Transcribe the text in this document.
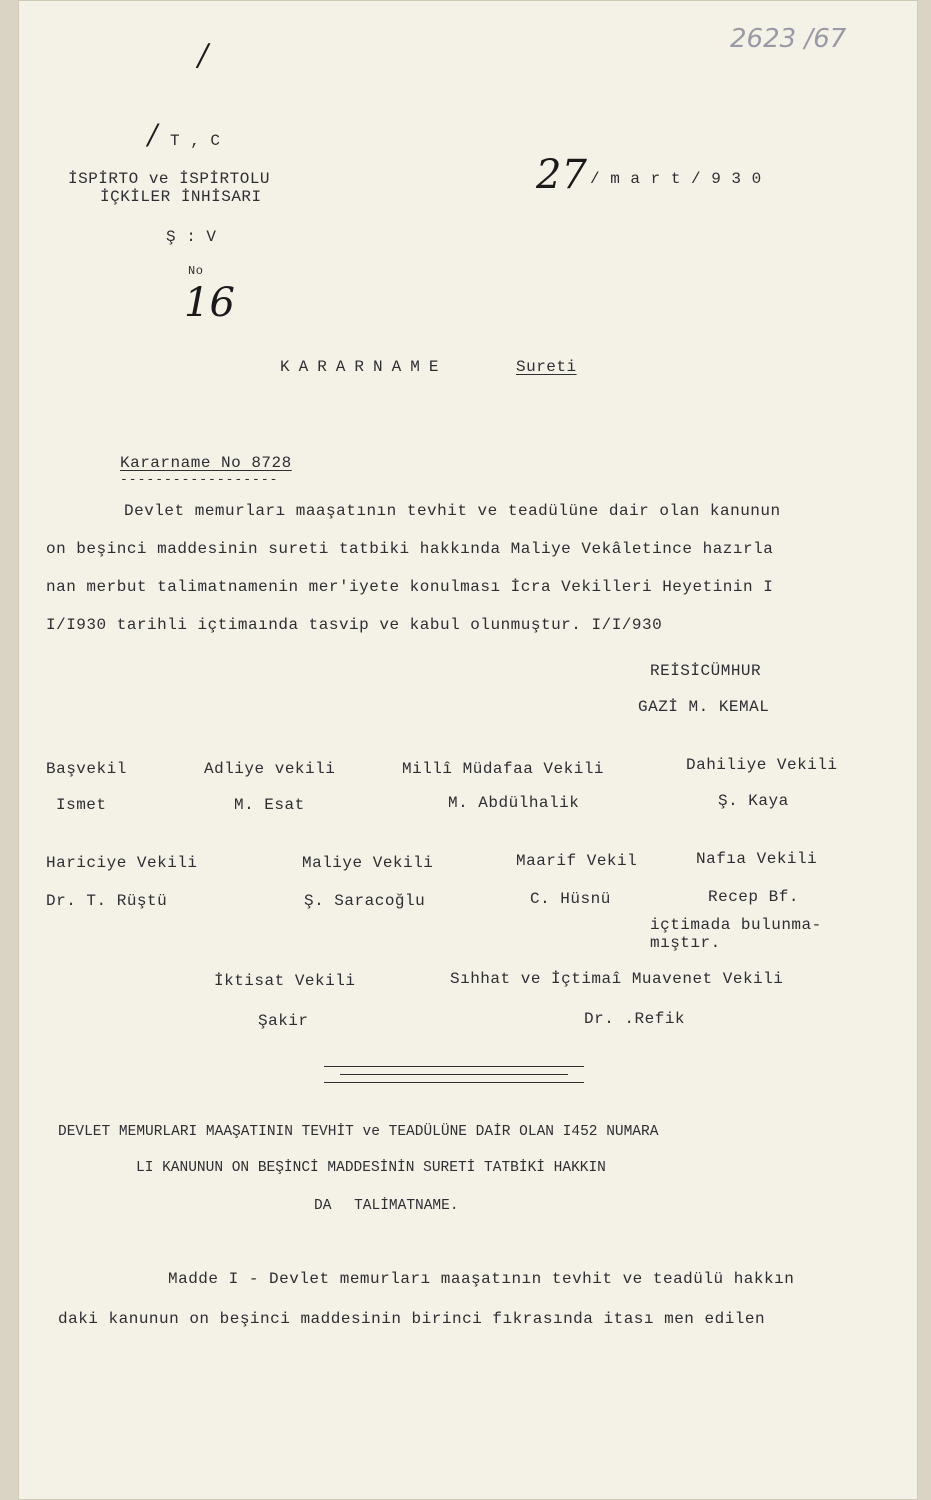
2623 /67
/
/ T , C
İSPİRTO ve İSPİRTOLU
İÇKİLER İNHİSARI
Ş : V
No
16
27 / m a r t / 9 3 0
KARARNAME	Sureti
Kararname No 8728
------------------
Devlet memurları maaşatının tevhit ve teadülüne dair olan kanunun
on beşinci maddesinin sureti tatbiki hakkında Maliye Vekâletince hazırla
nan merbut talimatnamenin mer'iyete konulması İcra Vekilleri Heyetinin I
I/I930 tarihli içtimaında tasvip ve kabul olunmuştur. I/I/930
REİSİCÜMHUR
GAZİ M. KEMAL
Başvekil
Ismet
Adliye vekili
M. Esat
Millî Müdafaa Vekili
M. Abdülhalik
Dahiliye Vekili
Ş. Kaya
Hariciye Vekili
Dr. T. Rüştü
Maliye Vekili
Ş. Saracoğlu
Maarif Vekil
C. Hüsnü
Nafıa Vekili
Recep Bf.
içtimada bulunma-
mıştır.
İktisat Vekili
Şakir
Sıhhat ve İçtimaî Muavenet Vekili
Dr. .Refik
DEVLET MEMURLARI MAAŞATININ TEVHİT ve TEADÜLÜNE DAİR OLAN I452 NUMARA
LI KANUNUN ON BEŞİNCİ MADDESİNİN SURETİ TATBİKİ HAKKIN
DA TALİMATNAME.
Madde I - Devlet memurları maaşatının tevhit ve teadülü hakkın
daki kanunun on beşinci maddesinin birinci fıkrasında itası men edilen
